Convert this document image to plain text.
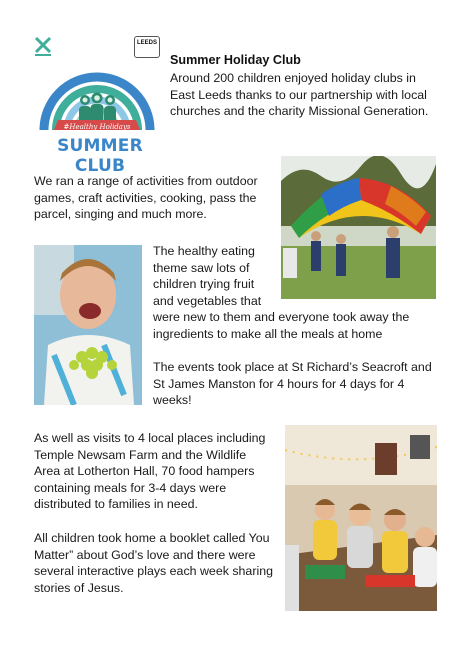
#Healthy Holidays
SUMMER CLUB
LEEDS
Summer Holiday Club
Around 200 children enjoyed holiday clubs in East Leeds thanks to our partnership with local churches and the charity Missional Generation.
We ran a range of activities from outdoor games, craft activities, cooking, pass the parcel, singing and much more.
The healthy eating
theme saw lots of
children trying fruit
and vegetables that
were new to them and everyone took away the
ingredients to make all the meals at home
The events took place at St Richard’s Seacroft and St James Manston for 4 hours for 4 days for 4 weeks!
As well as visits to 4 local places including Temple Newsam Farm and the Wildlife Area at Lotherton Hall, 70 food hampers containing meals for 3-4 days were distributed to families in need.
All children took home a booklet called You Matter” about God’s love and there were several interactive plays each week sharing stories of Jesus.
